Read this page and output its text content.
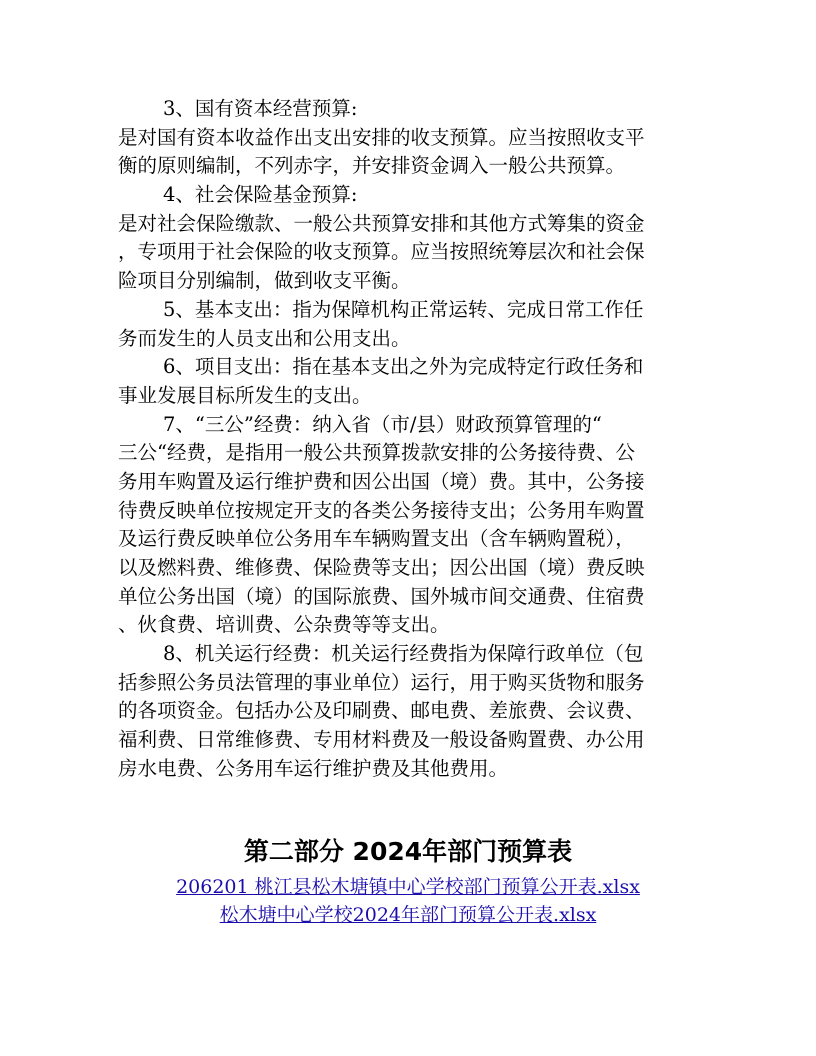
3、国有资本经营预算:
是对国有资本收益作出支出安排的收支预算。应当按照收支平
衡的原则编制，不列赤字，并安排资金调入一般公共预算。
4、社会保险基金预算:
是对社会保险缴款、一般公共预算安排和其他方式筹集的资金
，专项用于社会保险的收支预算。应当按照统筹层次和社会保
险项目分别编制，做到收支平衡。
5、基本支出：指为保障机构正常运转、完成日常工作任
务而发生的人员支出和公用支出。
6、项目支出：指在基本支出之外为完成特定行政任务和
事业发展目标所发生的支出。
7、“三公”经费：纳入省（市/县）财政预算管理的“
三公“经费，是指用一般公共预算拨款安排的公务接待费、公
务用车购置及运行维护费和因公出国（境）费。其中，公务接
待费反映单位按规定开支的各类公务接待支出；公务用车购置
及运行费反映单位公务用车车辆购置支出（含车辆购置税），
以及燃料费、维修费、保险费等支出；因公出国（境）费反映
单位公务出国（境）的国际旅费、国外城市间交通费、住宿费
、伙食费、培训费、公杂费等等支出。
8、机关运行经费：机关运行经费指为保障行政单位（包
括参照公务员法管理的事业单位）运行，用于购买货物和服务
的各项资金。包括办公及印刷费、邮电费、差旅费、会议费、
福利费、日常维修费、专用材料费及一般设备购置费、办公用
房水电费、公务用车运行维护费及其他费用。
第二部分 2024年部门预算表
206201 桃江县松木塘镇中心学校部门预算公开表.xlsx
松木塘中心学校2024年部门预算公开表.xlsx
